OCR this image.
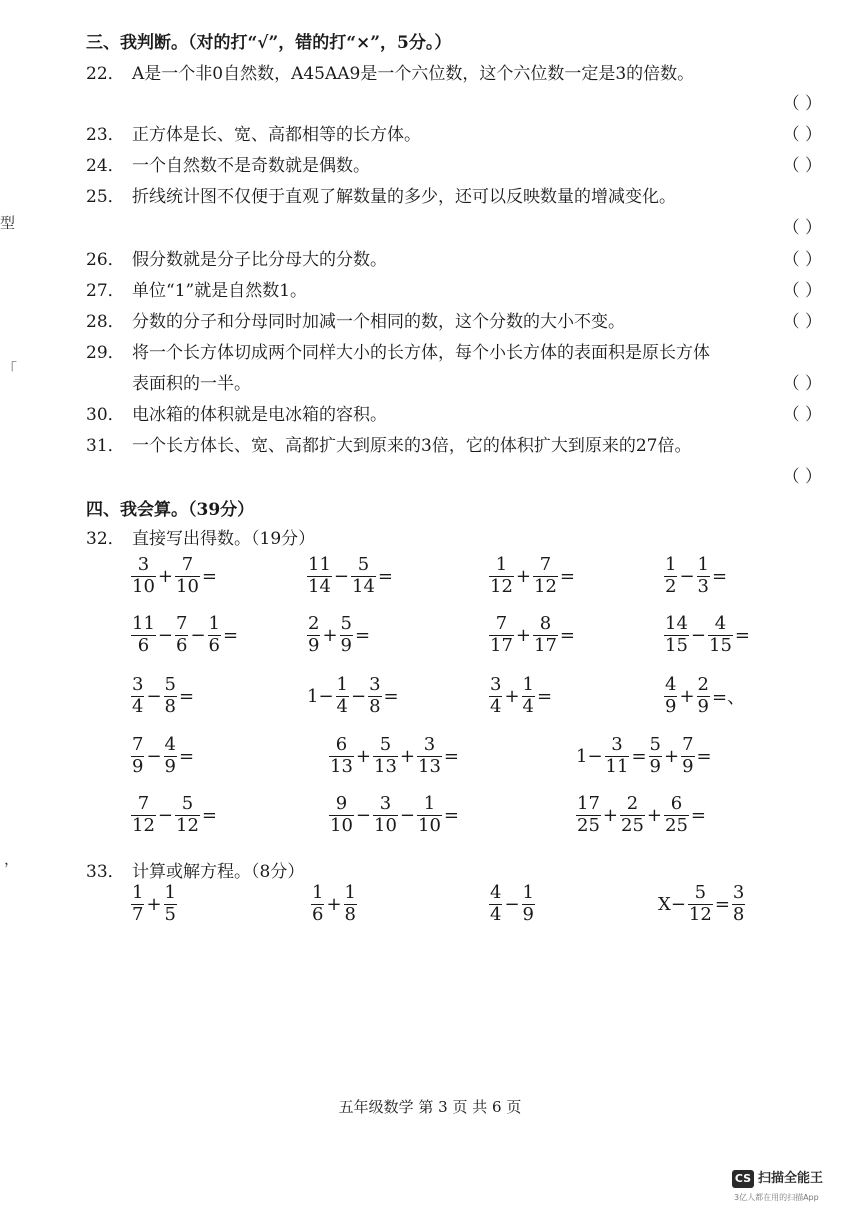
三、我判断。（对的打“√”，错的打“×”，5分。）
22． A是一个非0自然数，A45AA9是一个六位数，这个六位数一定是3的倍数。
（ ）
23． 正方体是长、宽、高都相等的长方体。	（ ）
24． 一个自然数不是奇数就是偶数。	（ ）
25． 折线统计图不仅便于直观了解数量的多少，还可以反映数量的增减变化。
（ ）
26． 假分数就是分子比分母大的分数。	（ ）
27． 单位“1”就是自然数1。	（ ）
28． 分数的分子和分母同时加减一个相同的数，这个分数的大小不变。	（ ）
29． 将一个长方体切成两个同样大小的长方体，每个小长方体的表面积是原长方体
表面积的一半。	（ ）
30． 电冰箱的体积就是电冰箱的容积。	（ ）
31． 一个长方体长、宽、高都扩大到原来的3倍，它的体积扩大到原来的27倍。
（ ）
四、我会算。（39分）
32． 直接写出得数。（19分）
$\frac{3}{10} + \frac{7}{10}$ =	$\frac{11}{14} - \frac{5}{14}$ =	$\frac{1}{12} + \frac{7}{12}$ =	$\frac{1}{2} - \frac{1}{3}$ =
$\frac{11}{6} - \frac{7}{6} - \frac{1}{6}$ =	$\frac{2}{9} + \frac{5}{9}$ =	$\frac{7}{17} + \frac{8}{17}$ =	$\frac{14}{15} - \frac{4}{15}$ =
$\frac{3}{4} - \frac{5}{8}$ =	$1- \frac{1}{4} - \frac{3}{8}$ =	$\frac{3}{4} + \frac{1}{4}$ =	$\frac{4}{9} + \frac{2}{9}$ =、
$\frac{7}{9} - \frac{4}{9}$ =	$\frac{6}{13} + \frac{5}{13} + \frac{3}{13}$ =	$1- \frac{3}{11} = \frac{5}{9} + \frac{7}{9}$ =
$\frac{7}{12} - \frac{5}{12}$ =	$\frac{9}{10} - \frac{3}{10} - \frac{1}{10}$ =	$\frac{17}{25} + \frac{2}{25} + \frac{6}{25}$ =
$\frac{1}{7} + \frac{1}{5}$	$\frac{1}{6} + \frac{1}{8}$	$\frac{4}{4} - \frac{1}{9}$	$X- \frac{5}{12} = \frac{3}{8}$
33． 计算或解方程。（8分）
型
「
，
五年级数学 第 3 页 共 6 页
CS 扫描全能王
3亿人都在用的扫描App
